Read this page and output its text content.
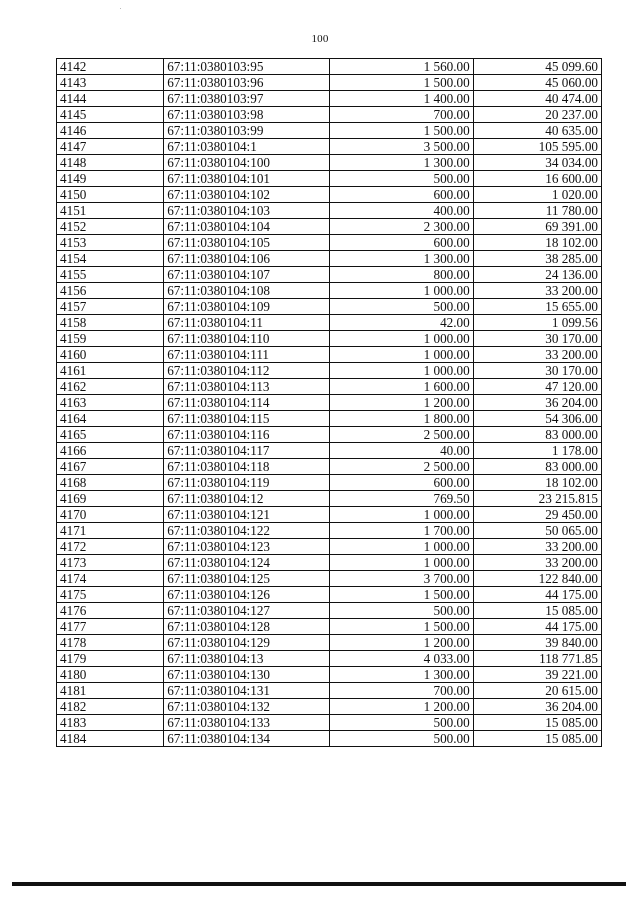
100
4142	67:11:0380103:95	1 560.00	45 099.60
4143	67:11:0380103:96	1 500.00	45 060.00
4144	67:11:0380103:97	1 400.00	40 474.00
4145	67:11:0380103:98	700.00	20 237.00
4146	67:11:0380103:99	1 500.00	40 635.00
4147	67:11:0380104:1	3 500.00	105 595.00
4148	67:11:0380104:100	1 300.00	34 034.00
4149	67:11:0380104:101	500.00	16 600.00
4150	67:11:0380104:102	600.00	1 020.00
4151	67:11:0380104:103	400.00	11 780.00
4152	67:11:0380104:104	2 300.00	69 391.00
4153	67:11:0380104:105	600.00	18 102.00
4154	67:11:0380104:106	1 300.00	38 285.00
4155	67:11:0380104:107	800.00	24 136.00
4156	67:11:0380104:108	1 000.00	33 200.00
4157	67:11:0380104:109	500.00	15 655.00
4158	67:11:0380104:11	42.00	1 099.56
4159	67:11:0380104:110	1 000.00	30 170.00
4160	67:11:0380104:111	1 000.00	33 200.00
4161	67:11:0380104:112	1 000.00	30 170.00
4162	67:11:0380104:113	1 600.00	47 120.00
4163	67:11:0380104:114	1 200.00	36 204.00
4164	67:11:0380104:115	1 800.00	54 306.00
4165	67:11:0380104:116	2 500.00	83 000.00
4166	67:11:0380104:117	40.00	1 178.00
4167	67:11:0380104:118	2 500.00	83 000.00
4168	67:11:0380104:119	600.00	18 102.00
4169	67:11:0380104:12	769.50	23 215.815
4170	67:11:0380104:121	1 000.00	29 450.00
4171	67:11:0380104:122	1 700.00	50 065.00
4172	67:11:0380104:123	1 000.00	33 200.00
4173	67:11:0380104:124	1 000.00	33 200.00
4174	67:11:0380104:125	3 700.00	122 840.00
4175	67:11:0380104:126	1 500.00	44 175.00
4176	67:11:0380104:127	500.00	15 085.00
4177	67:11:0380104:128	1 500.00	44 175.00
4178	67:11:0380104:129	1 200.00	39 840.00
4179	67:11:0380104:13	4 033.00	118 771.85
4180	67:11:0380104:130	1 300.00	39 221.00
4181	67:11:0380104:131	700.00	20 615.00
4182	67:11:0380104:132	1 200.00	36 204.00
4183	67:11:0380104:133	500.00	15 085.00
4184	67:11:0380104:134	500.00	15 085.00
